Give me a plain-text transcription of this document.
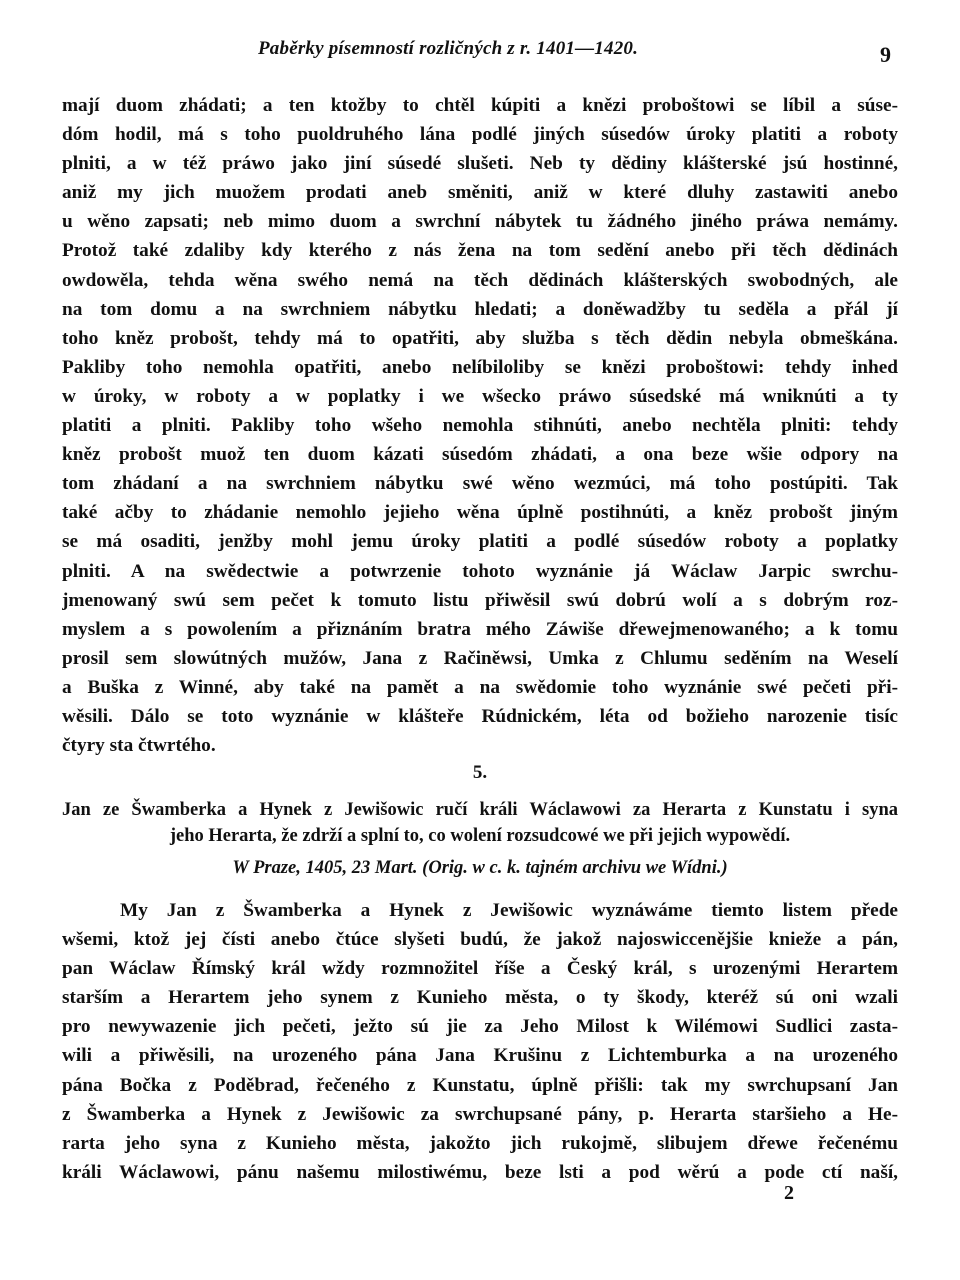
Paběrky písemností rozličných z r. 1401—1420.	9
mají duom zhádati; a ten ktožby to chtěl kúpiti a knězi proboštowi se líbil a súse-
dóm hodil, má s toho puoldruhého lána podlé jiných súsedów úroky platiti a roboty
plniti, a w též práwo jako jiní súsedé slušeti. Neb ty dědiny klášterské jsú hostinné,
aniž my jich muožem prodati aneb směniti, aniž w které dluhy zastawiti anebo
u wěno zapsati; neb mimo duom a swrchní nábytek tu žádného jiného práwa nemámy.
Protož také zdaliby kdy kterého z nás žena na tom sedění anebo při těch dědinách
owdowěla, tehda wěna swého nemá na těch dědinách klášterských swobodných, ale
na tom domu a na swrchniem nábytku hledati; a doněwadžby tu seděla a přál jí
toho kněz probošt, tehdy má to opatřiti, aby služba s těch dědin nebyla obmeškána.
Pakliby toho nemohla opatřiti, anebo nelíbiloliby se knězi proboštowi: tehdy inhed
w úroky, w roboty a w poplatky i we wšecko práwo súsedské má wniknúti a ty
platiti a plniti. Pakliby toho wšeho nemohla stihnúti, anebo nechtěla plniti: tehdy
kněz probošt muož ten duom kázati súsedóm zhádati, a ona beze wšie odpory na
tom zhádaní a na swrchniem nábytku swé wěno wezmúci, má toho postúpiti. Tak
také ačby to zhádanie nemohlo jejieho wěna úplně postihnúti, a kněz probošt jiným
se má osaditi, jenžby mohl jemu úroky platiti a podlé súsedów roboty a poplatky
plniti. A na swědectwie a potwrzenie tohoto wyznánie já Wáclaw Jarpic swrchu-
jmenowaný swú sem pečet k tomuto listu přiwěsil swú dobrú wolí a s dobrým roz-
myslem a s powolením a přiznáním bratra mého Záwiše dřewejmenowaného; a k tomu
prosil sem slowútných mužów, Jana z Račiněwsi, Umka z Chlumu seděním na Weselí
a Buška z Winné, aby také na pamět a na swědomie toho wyznánie swé pečeti při-
wěsili. Dálo se toto wyznánie w klášteře Rúdnickém, léta od božieho narozenie tisíc
čtyry sta čtwrtého.
5.
Jan ze Šwamberka a Hynek z Jewišowic ručí králi Wáclawowi za Herarta z Kunstatu i syna
jeho Herarta, že zdrží a splní to, co wolení rozsudcowé we při jejich wypowědí.
W Praze, 1405, 23 Mart. (Orig. w c. k. tajném archivu we Wídni.)
My Jan z Šwamberka a Hynek z Jewišowic wyznáwáme tiemto listem přede
wšemi, ktož jej čísti anebo čtúce slyšeti budú, že jakož najoswiccenějšie knieže a pán,
pan Wáclaw Římský král wždy rozmnožitel říše a Český král, s urozenými Herartem
starším a Herartem jeho synem z Kunieho města, o ty škody, kteréž sú oni wzali
pro newywazenie jich pečeti, ježto sú jie za Jeho Milost k Wilémowi Sudlici zasta-
wili a přiwěsili, na urozeného pána Jana Krušinu z Lichtemburka a na urozeného
pána Bočka z Poděbrad, řečeného z Kunstatu, úplně přišli: tak my swrchupsaní Jan
z Šwamberka a Hynek z Jewišowic za swrchupsané pány, p. Herarta staršieho a He-
rarta jeho syna z Kunieho města, jakožto jich rukojmě, slibujem dřewe řečenému
králi Wáclawowi, pánu našemu milostiwému, beze lsti a pod wěrú a pode ctí naší,
2
